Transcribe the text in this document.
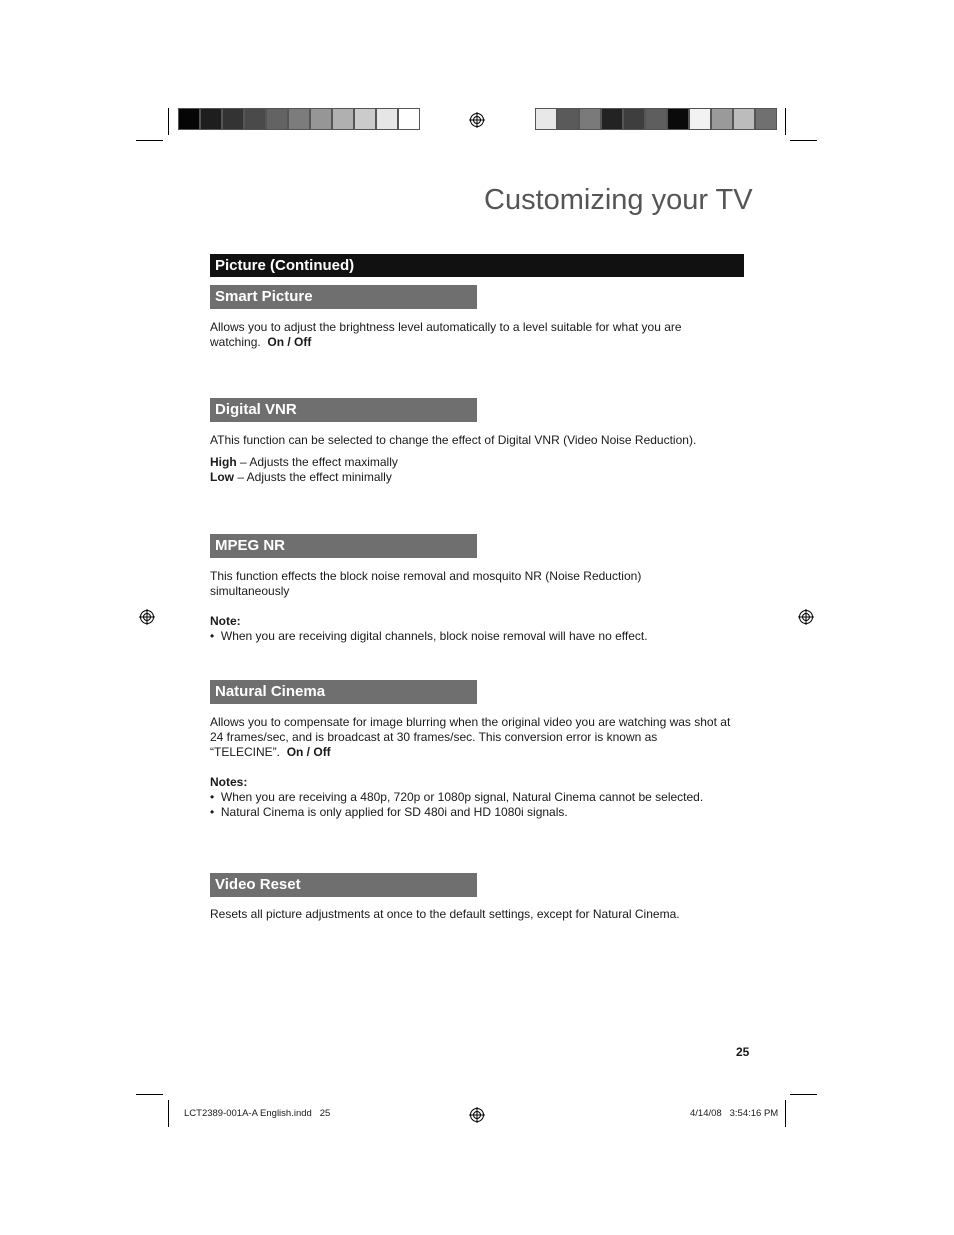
Customizing your TV
Picture (Continued)
Smart Picture
Allows you to adjust the brightness level automatically to a level suitable for what you are watching. On / Off
Digital VNR
AThis function can be selected to change the effect of Digital VNR (Video Noise Reduction).
High – Adjusts the effect maximally
Low – Adjusts the effect minimally
MPEG NR
This function effects the block noise removal and mosquito NR (Noise Reduction) simultaneously
Note:
•  When you are receiving digital channels, block noise removal will have no effect.
Natural Cinema
Allows you to compensate for image blurring when the original video you are watching was shot at 24 frames/sec, and is broadcast at 30 frames/sec. This conversion error is known as “TELECINE”. On / Off
Notes:
•  When you are receiving a 480p, 720p or 1080p signal, Natural Cinema cannot be selected.
•  Natural Cinema is only applied for SD 480i and HD 1080i signals.
Video Reset
Resets all picture adjustments at once to the default settings, except for Natural Cinema.
25
LCT2389-001A-A English.indd   25	4/14/08   3:54:16 PM
